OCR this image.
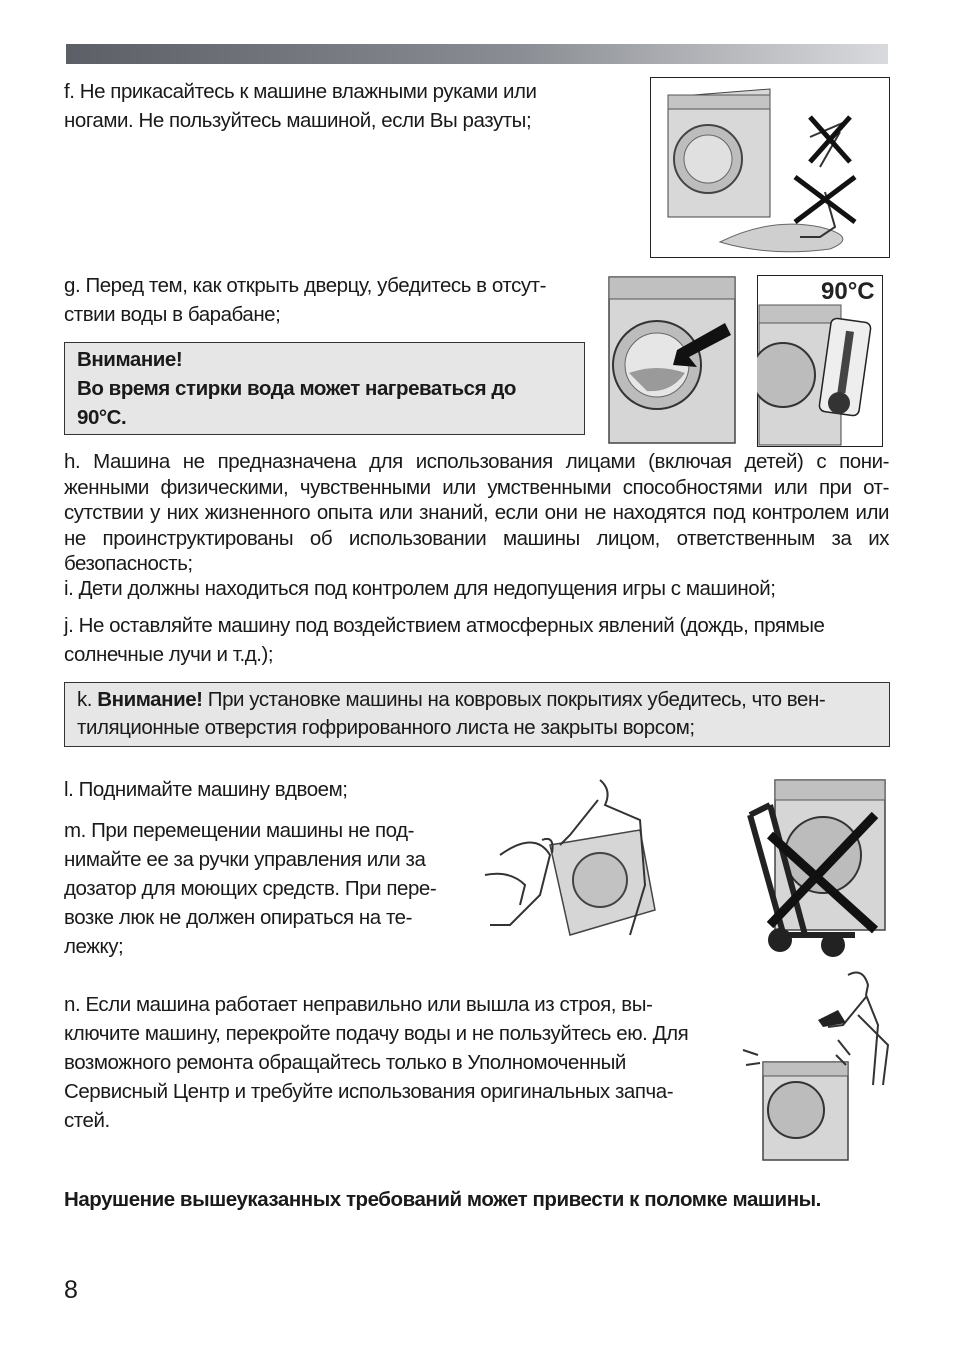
f. Не прикасайтесь к машине влажными руками или ногами. Не пользуйтесь машиной, если Вы разуты;

g. Перед тем, как открыть дверцу, убедитесь в отсут-ствии воды в барабане;

Внимание!

Во время стирки вода может нагреваться до 90°C.

90°C

h. Машина не предназначена для использования лицами (включая детей) с пони-женными физическими, чувственными или умственными способностями или при от-сутствии у них жизненного опыта или знаний, если они не находятся под контролем или не проинструктированы об использовании машины лицом, ответственным за их безопасность;

i. Дети должны находиться под контролем для недопущения игры с машиной;

j. Не оставляйте машину под воздействием атмосферных явлений (дождь, прямые солнечные лучи и т.д.);

k. Внимание! При установке машины на ковровых покрытиях убедитесь, что вен-тиляционные отверстия гофрированного листа не закрыты ворсом;

l. Поднимайте машину вдвоем;

m. При перемещении машины не под-нимайте ее за ручки управления или за дозатор для моющих средств. При пере-возке люк не должен опираться на те-лежку;

n. Если машина работает неправильно или вышла из строя, вы-ключите машину, перекройте подачу воды и не пользуйтесь ею. Для возможного ремонта обращайтесь только в Уполномоченный Сервисный Центр и требуйте использования оригинальных запча-стей.

Нарушение вышеуказанных требований может привести к поломке машины.

8
